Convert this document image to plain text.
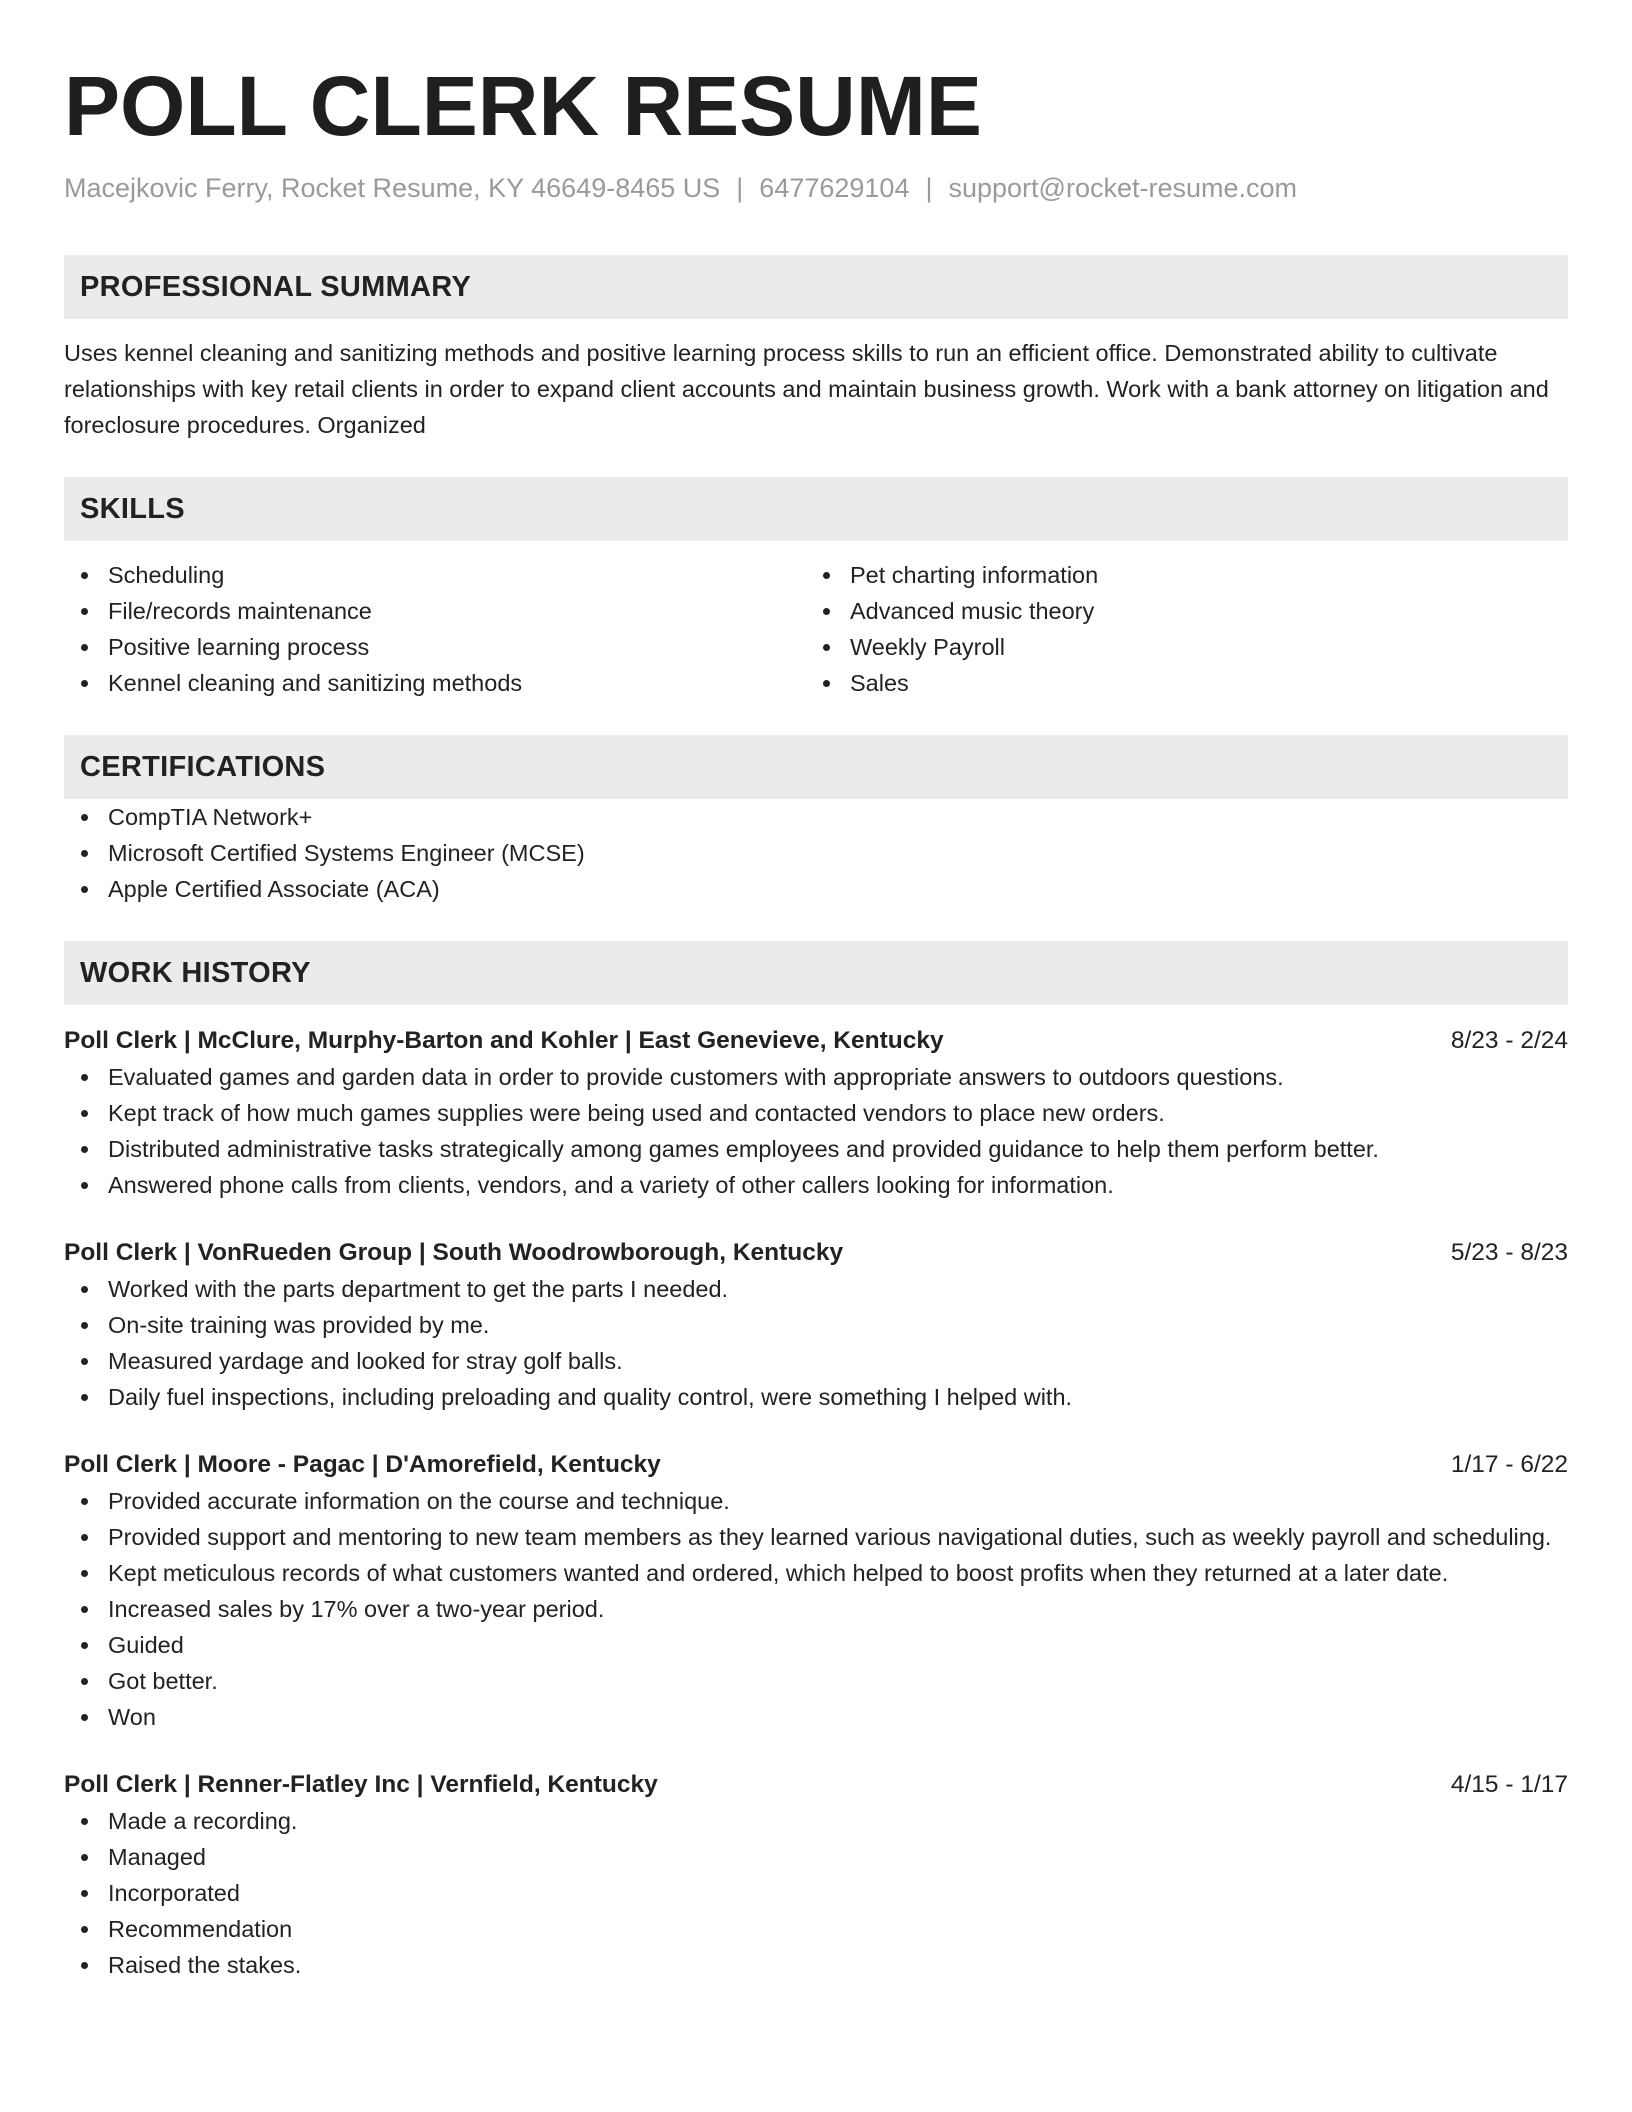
POLL CLERK RESUME
Macejkovic Ferry, Rocket Resume, KY 46649-8465 US | 6477629104 | support@rocket-resume.com
PROFESSIONAL SUMMARY
Uses kennel cleaning and sanitizing methods and positive learning process skills to run an efficient office. Demonstrated ability to cultivate relationships with key retail clients in order to expand client accounts and maintain business growth. Work with a bank attorney on litigation and foreclosure procedures. Organized
SKILLS
Scheduling
File/records maintenance
Positive learning process
Kennel cleaning and sanitizing methods
Pet charting information
Advanced music theory
Weekly Payroll
Sales
CERTIFICATIONS
CompTIA Network+
Microsoft Certified Systems Engineer (MCSE)
Apple Certified Associate (ACA)
WORK HISTORY
Poll Clerk | McClure, Murphy-Barton and Kohler | East Genevieve, Kentucky	8/23 - 2/24
Evaluated games and garden data in order to provide customers with appropriate answers to outdoors questions.
Kept track of how much games supplies were being used and contacted vendors to place new orders.
Distributed administrative tasks strategically among games employees and provided guidance to help them perform better.
Answered phone calls from clients, vendors, and a variety of other callers looking for information.
Poll Clerk | VonRueden Group | South Woodrowborough, Kentucky	5/23 - 8/23
Worked with the parts department to get the parts I needed.
On-site training was provided by me.
Measured yardage and looked for stray golf balls.
Daily fuel inspections, including preloading and quality control, were something I helped with.
Poll Clerk | Moore - Pagac | D'Amorefield, Kentucky	1/17 - 6/22
Provided accurate information on the course and technique.
Provided support and mentoring to new team members as they learned various navigational duties, such as weekly payroll and scheduling.
Kept meticulous records of what customers wanted and ordered, which helped to boost profits when they returned at a later date.
Increased sales by 17% over a two-year period.
Guided
Got better.
Won
Poll Clerk | Renner-Flatley Inc | Vernfield, Kentucky	4/15 - 1/17
Made a recording.
Managed
Incorporated
Recommendation
Raised the stakes.
